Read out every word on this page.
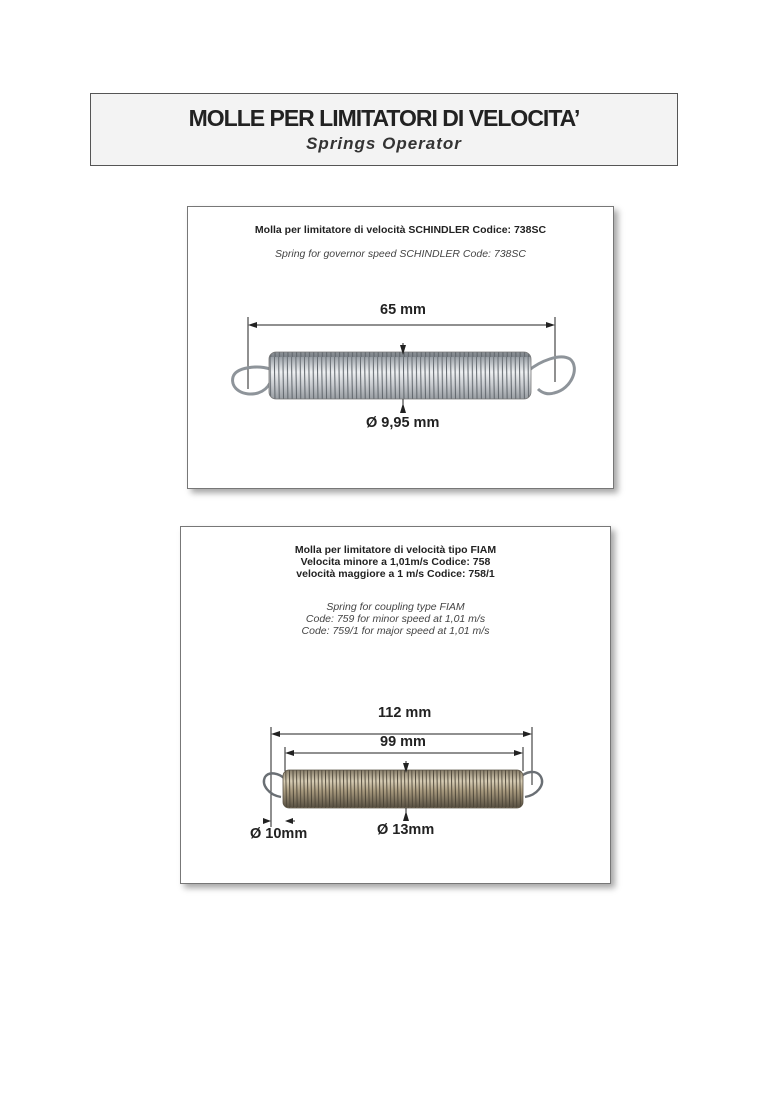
MOLLE PER LIMITATORI DI VELOCITA’
Springs Operator
Molla per limitatore di velocità SCHINDLER Codice: 738SC
Spring for governor speed SCHINDLER Code: 738SC
65 mm
Ø 9,95 mm
Molla per limitatore di velocità tipo FIAM
Velocita minore a 1,01m/s Codice: 758
velocità maggiore a 1 m/s Codice: 758/1
Spring for coupling type FIAM
Code: 759 for minor speed at 1,01 m/s
Code: 759/1 for major speed at 1,01 m/s
112 mm
99 mm
Ø 10mm	Ø 13mm
